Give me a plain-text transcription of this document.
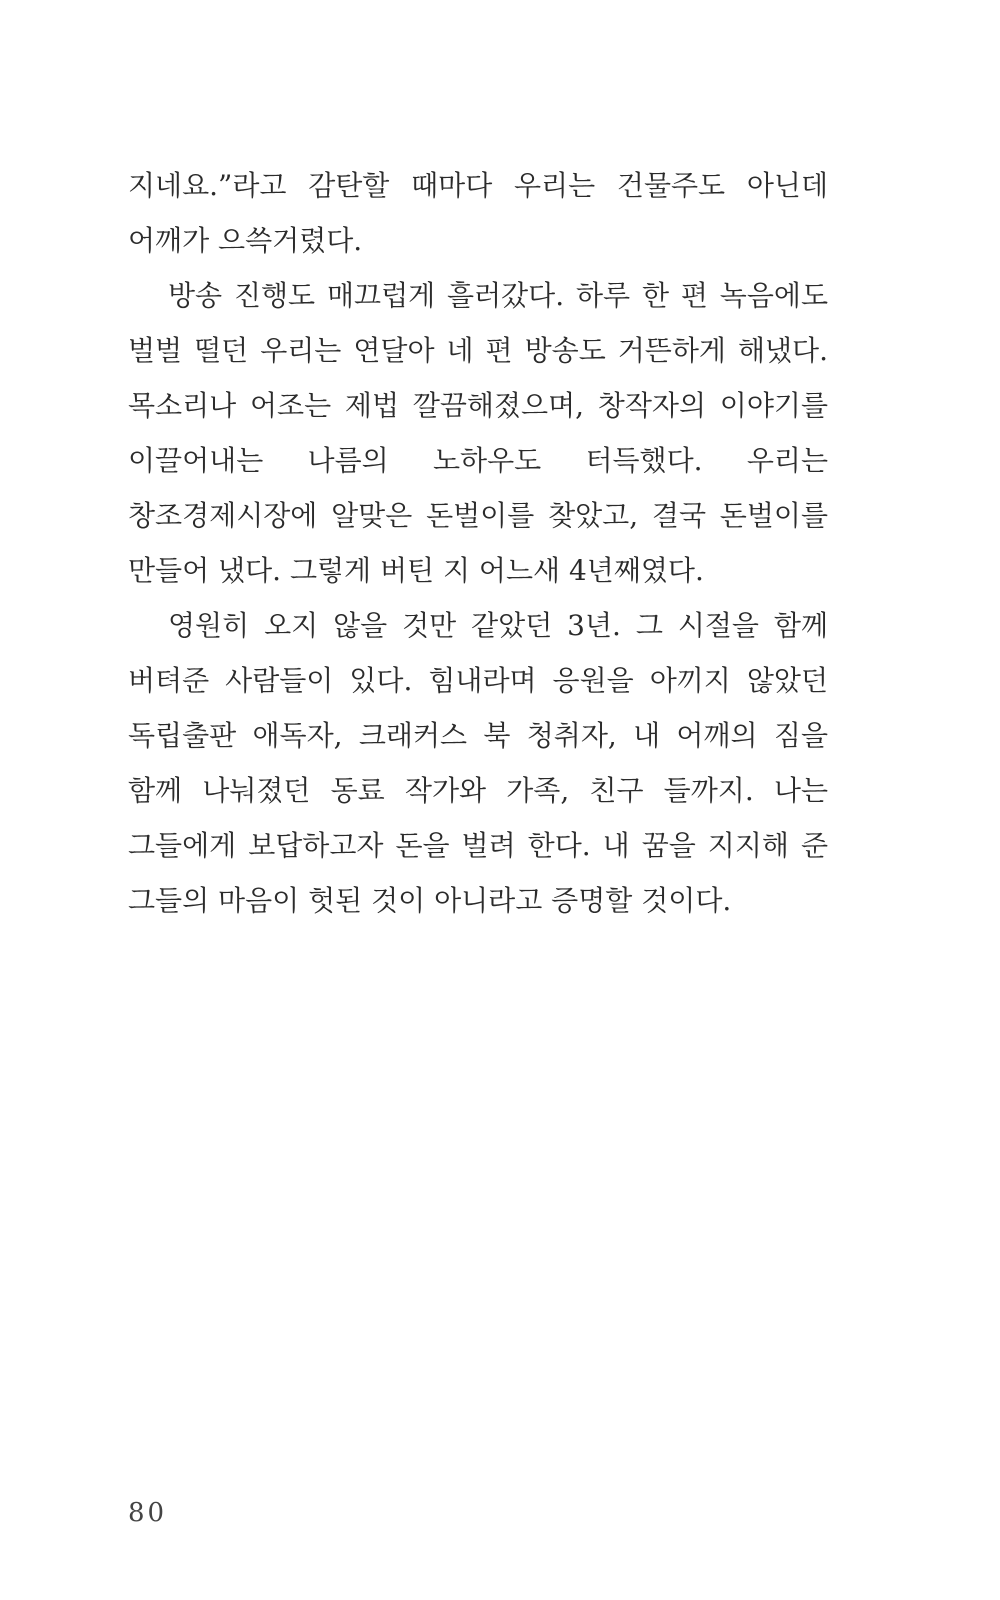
지네요.”라고 감탄할 때마다 우리는 건물주도 아닌데 어깨가 으쓱거렸다.

방송 진행도 매끄럽게 흘러갔다. 하루 한 편 녹음에도 벌벌 떨던 우리는 연달아 네 편 방송도 거뜬하게 해냈다. 목소리나 어조는 제법 깔끔해졌으며, 창작자의 이야기를 이끌어내는 나름의 노하우도 터득했다. 우리는 창조경제시장에 알맞은 돈벌이를 찾았고, 결국 돈벌이를 만들어 냈다. 그렇게 버틴 지 어느새 4년째였다.

영원히 오지 않을 것만 같았던 3년. 그 시절을 함께 버텨준 사람들이 있다. 힘내라며 응원을 아끼지 않았던 독립출판 애독자, 크래커스 북 청취자, 내 어깨의 짐을 함께 나눠졌던 동료 작가와 가족, 친구 들까지. 나는 그들에게 보답하고자 돈을 벌려 한다. 내 꿈을 지지해 준 그들의 마음이 헛된 것이 아니라고 증명할 것이다.

80
